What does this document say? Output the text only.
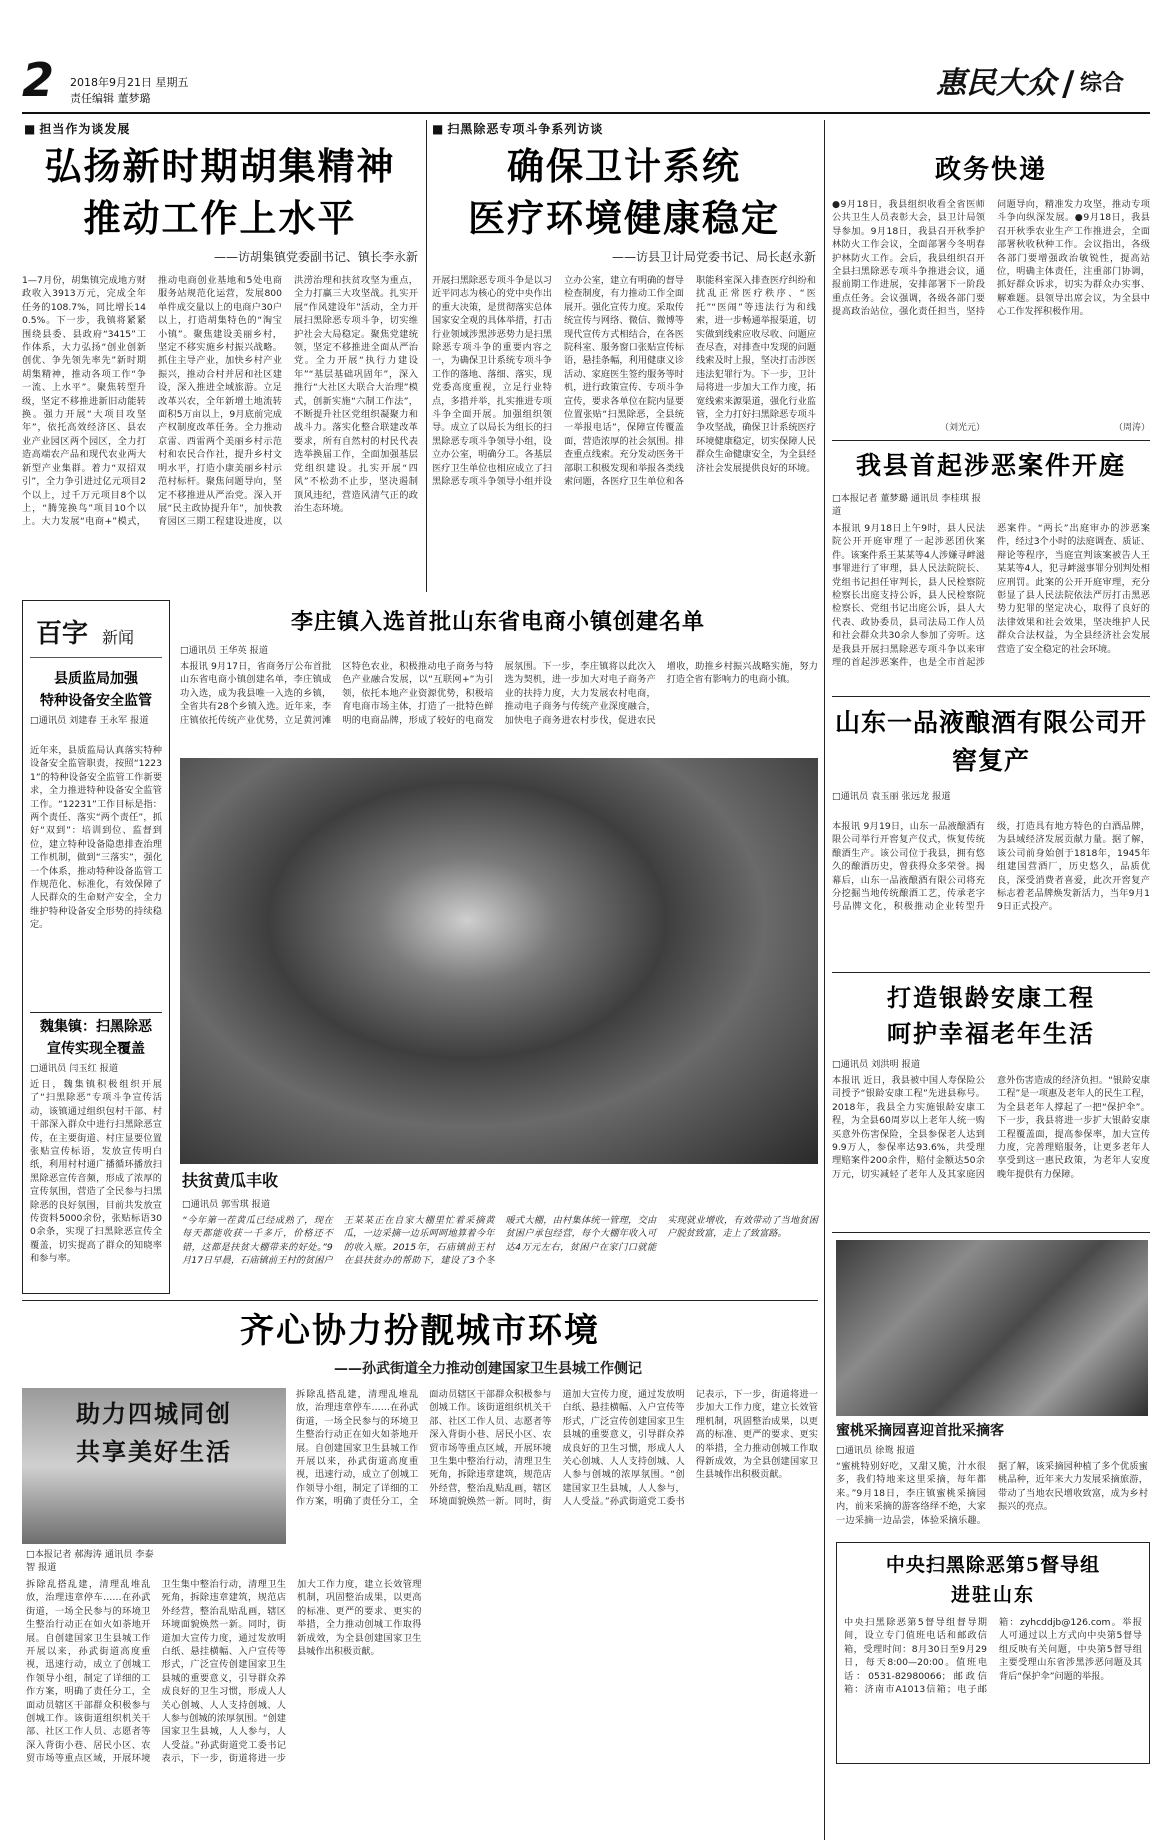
2	2018年9月21日 星期五
责任编辑 董梦璐	惠民大众 / 综合
■ 担当作为谈发展
弘扬新时期胡集精神
推动工作上水平
——访胡集镇党委副书记、镇长李永新
1—7月份，胡集镇完成地方财政收入3913万元，完成全年任务的108.7%，同比增长140.5%。下一步，我镇将紧紧围绕县委、县政府“3415”工作体系，大力弘扬“创业创新创优、争先领先率先”新时期胡集精神，推动各项工作“争一流、上水平”。聚焦转型升级，坚定不移推进新旧动能转换。强力开展“大项目攻坚年”，依托高效经济区、县农业产业园区两个园区，全力打造高端农产品和现代农业两大新型产业集群。着力“双招双引”，全力争引进过亿元项目2个以上，过千万元项目8个以上，“腾笼换鸟”项目10个以上。大力发展“电商+”模式，推动电商创业基地和5处电商服务站规范化运营，发展800单件成交量以上的电商户30户以上，打造胡集特色的“淘宝小镇”。聚焦建设美丽乡村，坚定不移实施乡村振兴战略。抓住主导产业，加快乡村产业振兴，推动合村并居和社区建设，深入推进全域旅游。立足改革兴农，全年新增土地流转面积5万亩以上，9月底前完成产权制度改革任务。全力推动京雷、西雷两个美丽乡村示范村和农民合作社，提升乡村文明水平，打造小康美丽乡村示范村标杆。聚焦问题导向，坚定不移推进从严治党。深入开展“民主政协提升年”，加快教育园区三期工程建设进度，以洪涝治理和扶贫攻坚为重点，全力打赢三大攻坚战。扎实开展“作风建设年”活动，全力开展扫黑除恶专项斗争，切实维护社会大局稳定。聚焦党建统领，坚定不移推进全面从严治党。全力开展“执行力建设年”“基层基础巩固年”，深入推行“大社区大联合大治理”模式，创新实施“六制工作法”，不断提升社区党组织凝聚力和战斗力。落实化整合联建改革要求，所有自然村的村民代表选举换届工作，全面加强基层党组织建设。扎实开展“四风”不松劲不止步，坚决遏制顶风违纪，营造风清气正的政治生态环境。
■ 扫黑除恶专项斗争系列访谈
确保卫计系统
医疗环境健康稳定
——访县卫计局党委书记、局长赵永新
开展扫黑除恶专项斗争是以习近平同志为核心的党中央作出的重大决策，是贯彻落实总体国家安全观的具体举措，打击行业领域涉黑涉恶势力是扫黑除恶专项斗争的重要内容之一，为确保卫计系统专项斗争工作的落地、落细、落实，现党委高度重视，立足行业特点，多措并举，扎实推进专项斗争全面开展。加强组织领导。成立了以局长为组长的扫黑除恶专项斗争领导小组，设立办公室，明确分工。各基层医疗卫生单位也相应成立了扫黑除恶专项斗争领导小组并设立办公室，建立有明确的督导检查制度，有力推动工作全面展开。强化宣传力度。采取传统宣传与网络、微信、微博等现代宣传方式相结合，在各医院科室、服务窗口张贴宣传标语，悬挂条幅，利用健康义诊活动、家庭医生签约服务等时机，进行政策宣传、专项斗争宣传，要求各单位在院内显要位置张贴“扫黑除恶，全县统一举报电话”，保障宣传覆盖面，营造浓厚的社会氛围。排查重点线索。充分发动医务干部职工积极发现和举报各类线索问题，各医疗卫生单位和各职能科室深入排查医疗纠纷和扰乱正常医疗秩序、“医托”“医闹”等违法行为和线索，进一步畅通举报渠道，切实做到线索应收尽收、问题应查尽查，对排查中发现的问题线索及时上报，坚决打击涉医违法犯罪行为。下一步，卫计局将进一步加大工作力度，拓宽线索来源渠道，强化行业监管，全力打好扫黑除恶专项斗争攻坚战，确保卫计系统医疗环境健康稳定，切实保障人民群众生命健康安全，为全县经济社会发展提供良好的环境。
政务快递
●9月18日，我县组织收看全省医师公共卫生人员表彰大会，县卫计局领导参加。9月18日，我县召开秋季护林防火工作会议，全面部署今冬明春护林防火工作。会后，我县组织召开全县扫黑除恶专项斗争推进会议，通报前期工作进展，安排部署下一阶段重点任务。会议强调，各级各部门要提高政治站位，强化责任担当，坚持问题导向，精准发力攻坚，推动专项斗争向纵深发展。●9月18日，我县召开秋季农业生产工作推进会，全面部署秋收秋种工作。会议指出，各级各部门要增强政治敏锐性，提高站位，明确主体责任，注重部门协调，抓好群众诉求，切实为群众办实事、解难题。县领导出席会议，为全县中心工作发挥积极作用。
（刘光元）	（周涛）
我县首起涉恶案件开庭
□本报记者 董梦璐 通讯员 李桂琪 报道
本报讯 9月18日上午9时，县人民法院公开开庭审理了一起涉恶团伙案件。该案件系王某某等4人涉嫌寻衅滋事罪进行了审理，县人民法院院长、党组书记担任审判长，县人民检察院检察长出庭支持公诉，县人民检察院检察长、党组书记出庭公诉，县人大代表、政协委员，县司法局工作人员和社会群众共30余人参加了旁听。这是我县开展扫黑除恶专项斗争以来审理的首起涉恶案件，也是全市首起涉恶案件。“两长”出庭审办的涉恶案件，经过3个小时的法庭调查、质证、辩论等程序，当庭宣判该案被告人王某某等4人，犯寻衅滋事罪分别判处相应刑罚。此案的公开开庭审理，充分彰显了县人民法院依法严厉打击黑恶势力犯罪的坚定决心，取得了良好的法律效果和社会效果，坚决维护人民群众合法权益，为全县经济社会发展营造了安全稳定的社会环境。
山东一品液酿酒有限公司开窖复产
□通讯员 袁玉丽 张远龙 报道
本报讯 9月19日，山东一品液酿酒有限公司举行开窖复产仪式，恢复传统酿酒生产。该公司位于我县，拥有悠久的酿酒历史，曾获得众多荣誉。揭幕后，山东一品液酿酒有限公司将充分挖掘当地传统酿酒工艺，传承老字号品牌文化，积极推动企业转型升级，打造具有地方特色的白酒品牌，为县域经济发展贡献力量。据了解，该公司前身始创于1818年，1945年组建国营酒厂，历史悠久，品质优良，深受消费者喜爱，此次开窖复产标志着老品牌焕发新活力，当年9月19日正式投产。
打造银龄安康工程
呵护幸福老年生活
□通讯员 刘洪明 报道
本报讯 近日，我县被中国人寿保险公司授予“银龄安康工程”先进县称号。2018年，我县全力实施银龄安康工程，为全县60周岁以上老年人统一购买意外伤害保险，全县参保老人达到9.9万人，参保率达93.6%，共受理理赔案件200余件，赔付金额达50余万元，切实减轻了老年人及其家庭因意外伤害造成的经济负担。“银龄安康工程”是一项惠及老年人的民生工程，为全县老年人撑起了一把“保护伞”。下一步，我县将进一步扩大银龄安康工程覆盖面，提高参保率，加大宣传力度，完善理赔服务，让更多老年人享受到这一惠民政策，为老年人安度晚年提供有力保障。
蜜桃采摘园喜迎首批采摘客
□通讯员 徐鸳 报道
“蜜桃特别好吃，又甜又脆，汁水很多，我们特地来这里采摘，每年都来。”9月18日，李庄镇蜜桃采摘园内，前来采摘的游客络绎不绝，大家一边采摘一边品尝，体验采摘乐趣。据了解，该采摘园种植了多个优质蜜桃品种，近年来大力发展采摘旅游，带动了当地农民增收致富，成为乡村振兴的亮点。
中央扫黑除恶第5督导组
进驻山东
中央扫黑除恶第5督导组督导期间，设立专门值班电话和邮政信箱，受理时间：8月30日至9月29日，每天8:00—20:00。值班电话：0531-82980066；邮政信箱：济南市A1013信箱；电子邮箱：zyhcddjb@126.com。举报人可通过以上方式向中央第5督导组反映有关问题，中央第5督导组主要受理山东省涉黑涉恶问题及其背后“保护伞”问题的举报。
百字 新闻
县质监局加强
特种设备安全监管
□通讯员 刘建春 王永军 报道
近年来，县质监局认真落实特种设备安全监管职责，按照“12231”的特种设备安全监管工作新要求，全力推进特种设备安全监管工作。“12231”工作目标是指：两个责任、落实“两个责任”，抓好“双到”：培训到位、监督到位，建立特种设备隐患排查治理工作机制，做到“三落实”，强化一个体系，推动特种设备监管工作规范化、标准化，有效保障了人民群众的生命财产安全，全力维护特种设备安全形势的持续稳定。
魏集镇：扫黑除恶
宣传实现全覆盖
□通讯员 闫玉红 报道
近日，魏集镇积极组织开展了“扫黑除恶”专项斗争宣传活动，该镇通过组织包村干部、村干部深入群众中进行扫黑除恶宣传，在主要街道、村庄显要位置张贴宣传标语，发放宣传明白纸，利用村村通广播循环播放扫黑除恶宣传音频，形成了浓厚的宣传氛围，营造了全民参与扫黑除恶的良好氛围，目前共发放宣传资料5000余份，张贴标语300余条，实现了扫黑除恶宣传全覆盖，切实提高了群众的知晓率和参与率。
李庄镇入选首批山东省电商小镇创建名单
□通讯员 王华英 报道
本报讯 9月17日，省商务厅公布首批山东省电商小镇创建名单，李庄镇成功入选，成为我县唯一入选的乡镇，全省共有28个乡镇入选。近年来，李庄镇依托传统产业优势，立足黄河滩区特色农业，积极推动电子商务与特色产业融合发展，以“互联网+”为引领，依托本地产业资源优势，积极培育电商市场主体，打造了一批特色鲜明的电商品牌，形成了较好的电商发展氛围。下一步，李庄镇将以此次入选为契机，进一步加大对电子商务产业的扶持力度，大力发展农村电商，推动电子商务与传统产业深度融合，加快电子商务进农村步伐，促进农民增收，助推乡村振兴战略实施，努力打造全省有影响力的电商小镇。
扶贫黄瓜丰收
□通讯员 郭雪琪 报道
“今年第一茬黄瓜已经成熟了，现在每天都能收获一千多斤，价格还不错，这都是扶贫大棚带来的好处。”9月17日早晨，石庙镇前王村的贫困户王某某正在自家大棚里忙着采摘黄瓜，一边采摘一边乐呵呵地算着今年的收入账。2015年，石庙镇前王村在县扶贫办的帮助下，建设了3个冬暖式大棚，由村集体统一管理，交由贫困户承包经营，每个大棚年收入可达4万元左右，贫困户在家门口就能实现就业增收，有效带动了当地贫困户脱贫致富，走上了致富路。
齐心协力扮靓城市环境
——孙武街道全力推动创建国家卫生县城工作侧记
助力四城同创
共享美好生活
□本报记者 郝海涛 通讯员 李泰智 报道
拆除乱搭乱建，清理乱堆乱放，治理违章停车……在孙武街道，一场全民参与的环境卫生整治行动正在如火如荼地开展。自创建国家卫生县城工作开展以来，孙武街道高度重视，迅速行动，成立了创城工作领导小组，制定了详细的工作方案，明确了责任分工，全面动员辖区干部群众积极参与创城工作。该街道组织机关干部、社区工作人员、志愿者等深入背街小巷、居民小区、农贸市场等重点区域，开展环境卫生集中整治行动，清理卫生死角，拆除违章建筑，规范店外经营，整治乱贴乱画，辖区环境面貌焕然一新。同时，街道加大宣传力度，通过发放明白纸、悬挂横幅、入户宣传等形式，广泛宣传创建国家卫生县城的重要意义，引导群众养成良好的卫生习惯，形成人人关心创城、人人支持创城、人人参与创城的浓厚氛围。“创建国家卫生县城，人人参与，人人受益。”孙武街道党工委书记表示，下一步，街道将进一步加大工作力度，建立长效管理机制，巩固整治成果，以更高的标准、更严的要求、更实的举措，全力推动创城工作取得新成效，为全县创建国家卫生县城作出积极贡献。
拆除乱搭乱建，清理乱堆乱放，治理违章停车……在孙武街道，一场全民参与的环境卫生整治行动正在如火如荼地开展。自创建国家卫生县城工作开展以来，孙武街道高度重视，迅速行动，成立了创城工作领导小组，制定了详细的工作方案，明确了责任分工，全面动员辖区干部群众积极参与创城工作。该街道组织机关干部、社区工作人员、志愿者等深入背街小巷、居民小区、农贸市场等重点区域，开展环境卫生集中整治行动，清理卫生死角，拆除违章建筑，规范店外经营，整治乱贴乱画，辖区环境面貌焕然一新。同时，街道加大宣传力度，通过发放明白纸、悬挂横幅、入户宣传等形式，广泛宣传创建国家卫生县城的重要意义，引导群众养成良好的卫生习惯，形成人人关心创城、人人支持创城、人人参与创城的浓厚氛围。“创建国家卫生县城，人人参与，人人受益。”孙武街道党工委书记表示，下一步，街道将进一步加大工作力度，建立长效管理机制，巩固整治成果，以更高的标准、更严的要求、更实的举措，全力推动创城工作取得新成效，为全县创建国家卫生县城作出积极贡献。
